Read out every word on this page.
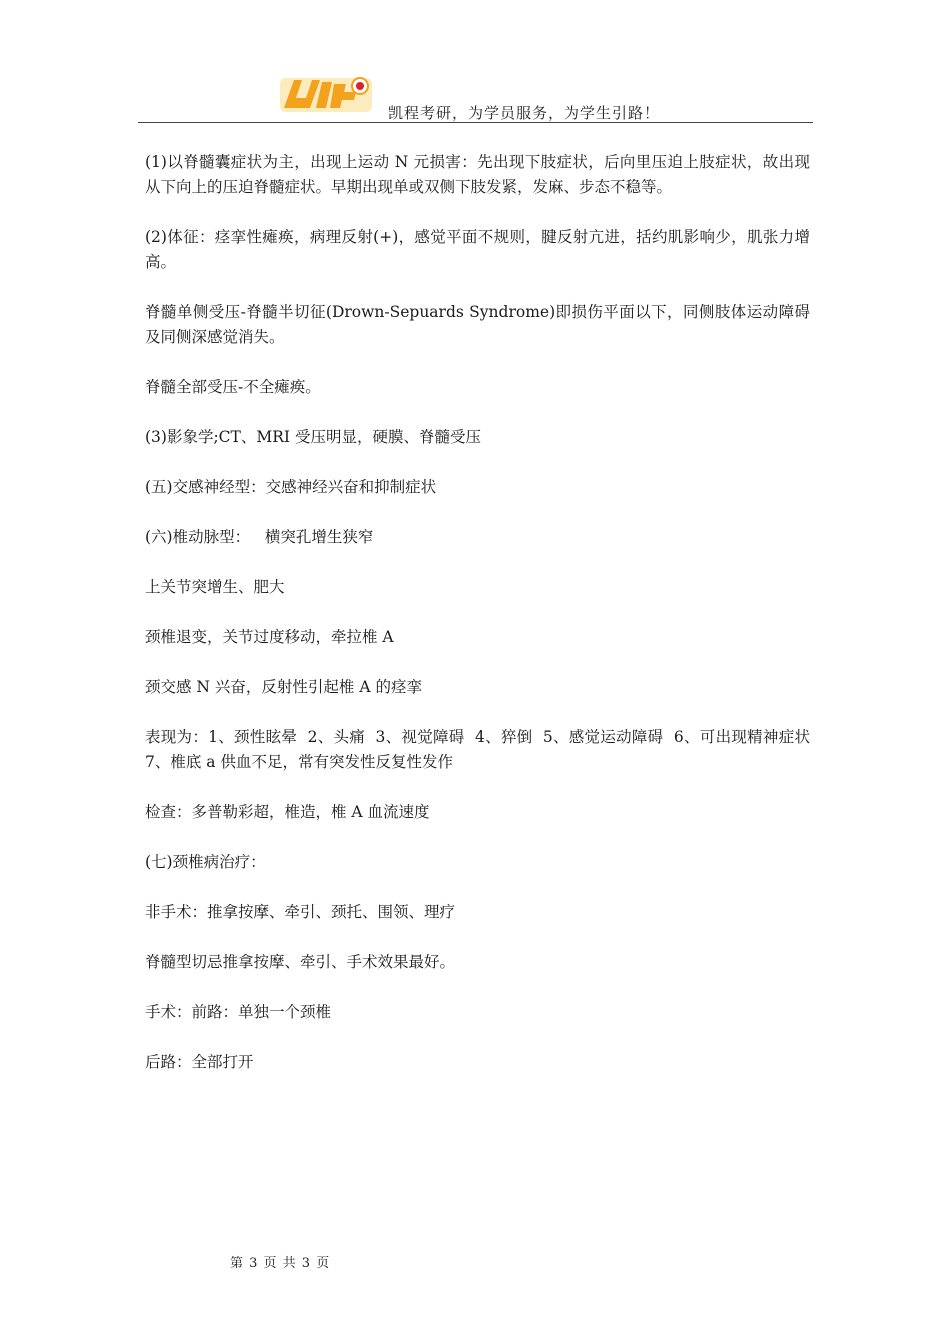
凯程考研，为学员服务，为学生引路！

(1)以脊髓囊症状为主，出现上运动 N 元损害：先出现下肢症状，后向里压迫上肢症状，故出现从下向上的压迫脊髓症状。早期出现单或双侧下肢发紧，发麻、步态不稳等。

(2)体征：痉挛性瘫痪，病理反射(+)，感觉平面不规则，腱反射亢进，括约肌影响少，肌张力增高。

脊髓单侧受压-脊髓半切征(Drown-Sepuards Syndrome)即损伤平面以下，同侧肢体运动障碍及同侧深感觉消失。

脊髓全部受压-不全瘫痪。

(3)影象学;CT、MRI 受压明显，硬膜、脊髓受压

(五)交感神经型：交感神经兴奋和抑制症状

(六)椎动脉型：   横突孔增生狭窄

上关节突增生、肥大

颈椎退变，关节过度移动，牵拉椎 A

颈交感 N 兴奋，反射性引起椎 A 的痉挛

表现为：1、颈性眩晕  2、头痛  3、视觉障碍  4、猝倒  5、感觉运动障碍  6、可出现精神症状  7、椎底 a 供血不足，常有突发性反复性发作

检查：多普勒彩超，椎造，椎 A 血流速度

(七)颈椎病治疗：

非手术：推拿按摩、牵引、颈托、围领、理疗

脊髓型切忌推拿按摩、牵引、手术效果最好。

手术：前路：单独一个颈椎

后路：全部打开

第 3 页 共 3 页
